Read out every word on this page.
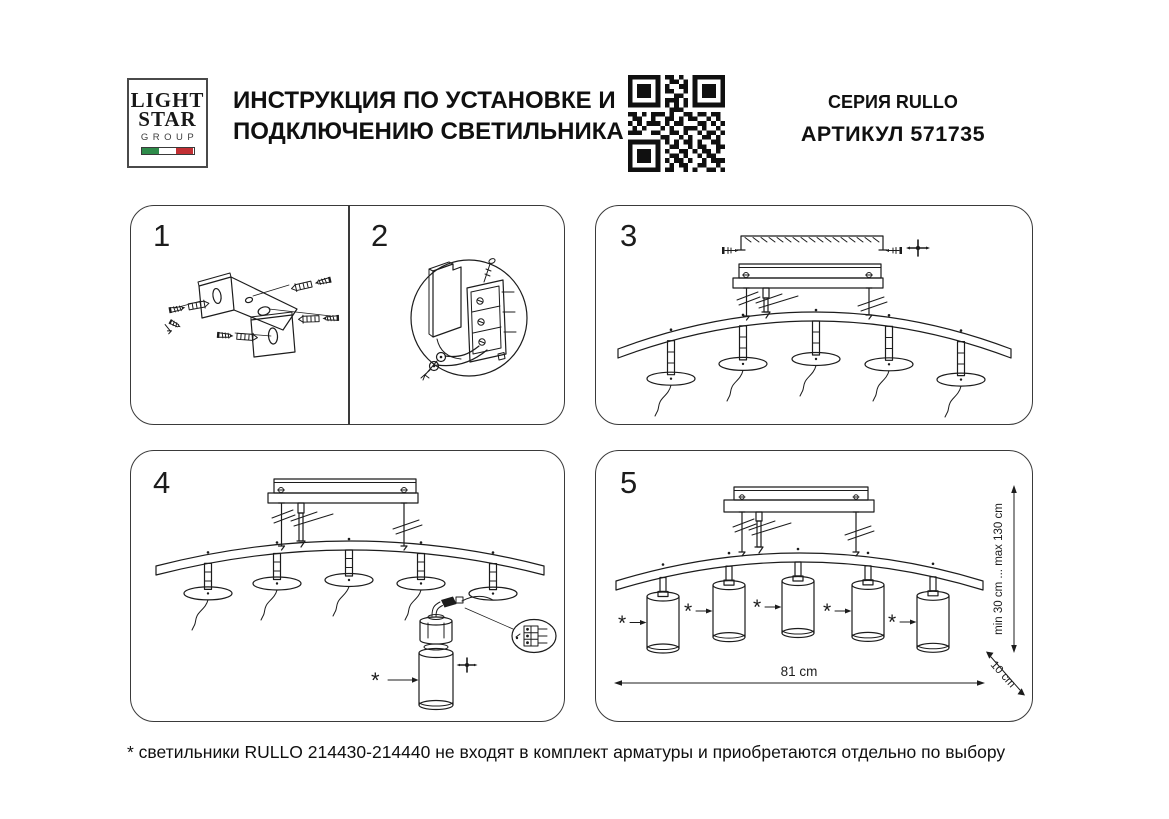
LIGHT
STAR
GROUP
ИНСТРУКЦИЯ ПО УСТАНОВКЕ И
ПОДКЛЮЧЕНИЮ СВЕТИЛЬНИКА
СЕРИЯ RULLO
АРТИКУЛ 571735
1	2	3
4
*
5
*
*	*	*	*	min 30 cm ... max 130 cm
81 cm	10 cm
* светильники RULLO 214430-214440 не входят в комплект арматуры и приобретаются отдельно по выбору
